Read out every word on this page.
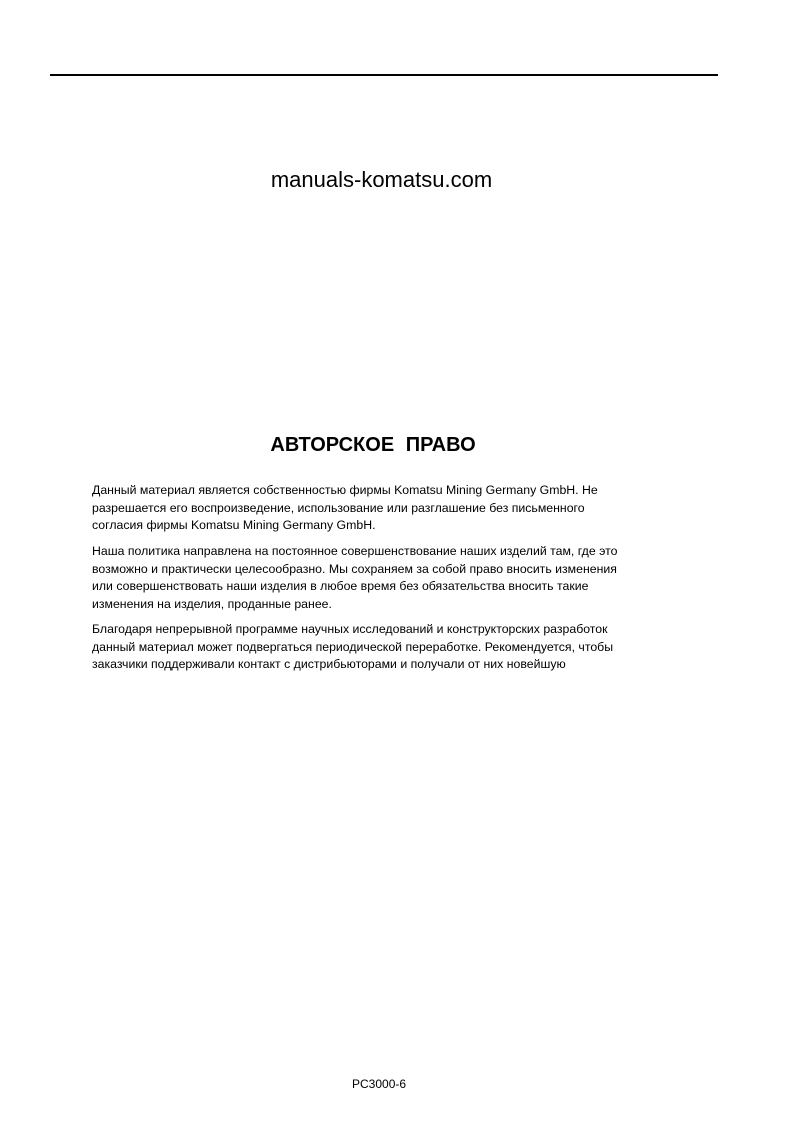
manuals-komatsu.com
АВТОРСКОЕ ПРАВО
Данный материал является собственностью фирмы Komatsu Mining Germany GmbH. Не
разрешается его воспроизведение, использование или разглашение без письменного
согласия фирмы Komatsu Mining Germany GmbH.
Наша политика направлена на постоянное совершенствование наших изделий там, где это
возможно и практически целесообразно. Мы сохраняем за собой право вносить изменения
или совершенствовать наши изделия в любое время без обязательства вносить такие
изменения на изделия, проданные ранее.
Благодаря непрерывной программе научных исследований и конструкторских разработок
данный материал может подвергаться периодической переработке. Рекомендуется, чтобы
заказчики поддерживали контакт с дистрибьюторами и получали от них новейшую
PC3000-6
